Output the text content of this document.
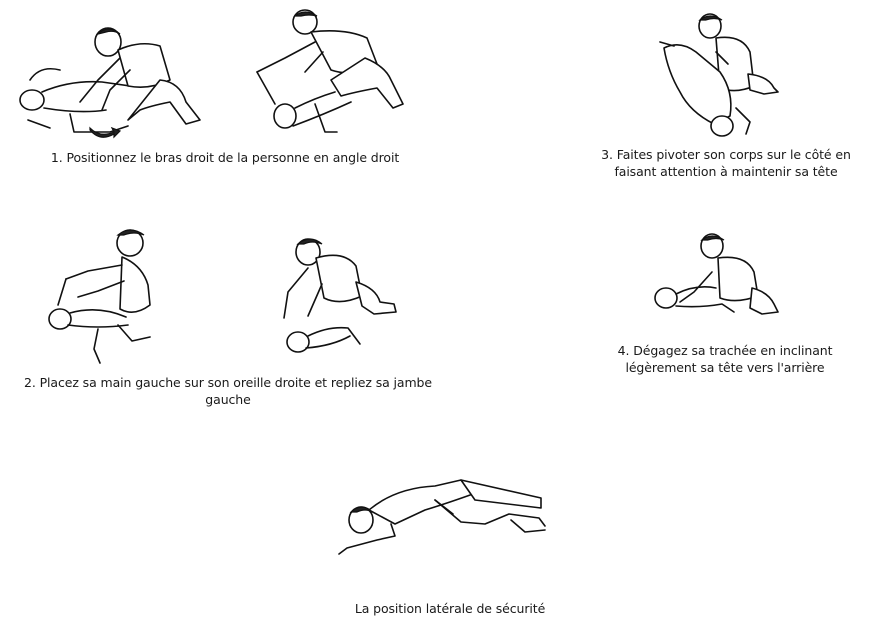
1. Positionnez le bras droit de la personne en angle droit	3. Faites pivoter son corps sur le côté en
faisant attention à maintenir sa tête
2. Placez sa main gauche sur son oreille droite et repliez sa jambe gauche
4. Dégagez sa trachée en inclinant
légèrement sa tête vers l'arrière
La position latérale de sécurité
